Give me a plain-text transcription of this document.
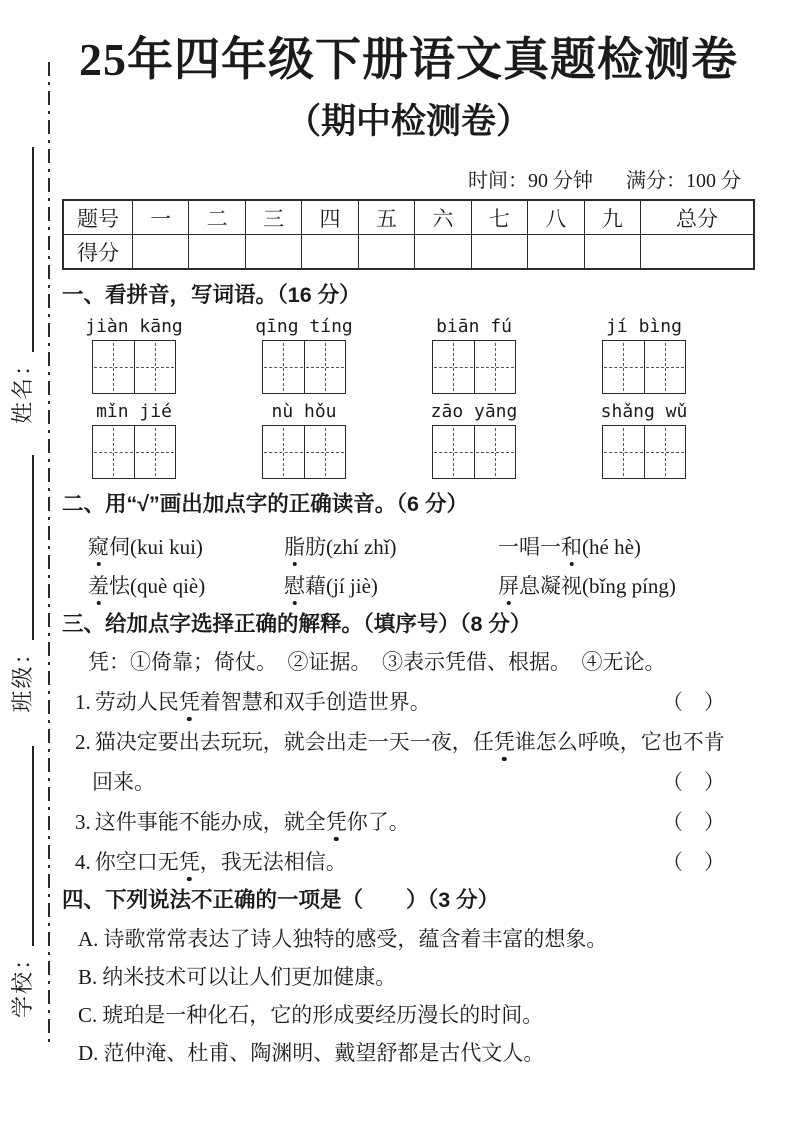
学校： 班级： 姓名：
25年四年级下册语文真题检测卷
（期中检测卷）
时间：90 分钟 满分：100 分
题号	一	二	三	四	五	六	七	八	九	总分
得分										
一、看拼音，写词语。（16 分）
jiàn kāng	qīng tíng	biān fú	jí bìng
mǐn jié	nù hǒu	zāo yāng	shǎng wǔ
二、用“√”画出加点字的正确读音。（6 分）
窥伺(kui kui)	脂肪(zhí zhǐ)	一唱一和(hé hè)
羞怯(què qiè)	慰藉(jí jiè)	屏息凝视(bǐng píng)
三、给加点字选择正确的解释。（填序号）（8 分）
凭：①倚靠；倚仗。　②证据。　③表示凭借、根据。　④无论。
1. 劳动人民凭着智慧和双手创造世界。	（　）
2. 猫决定要出去玩玩，就会出走一天一夜，任凭谁怎么呼唤，它也不肯
回来。	（　）
3. 这件事能不能办成，就全凭你了。	（　）
4. 你空口无凭，我无法相信。	（　）
四、下列说法不正确的一项是（　　）（3 分）
A. 诗歌常常表达了诗人独特的感受，蕴含着丰富的想象。
B. 纳米技术可以让人们更加健康。
C. 琥珀是一种化石，它的形成要经历漫长的时间。
D. 范仲淹、杜甫、陶渊明、戴望舒都是古代文人。
